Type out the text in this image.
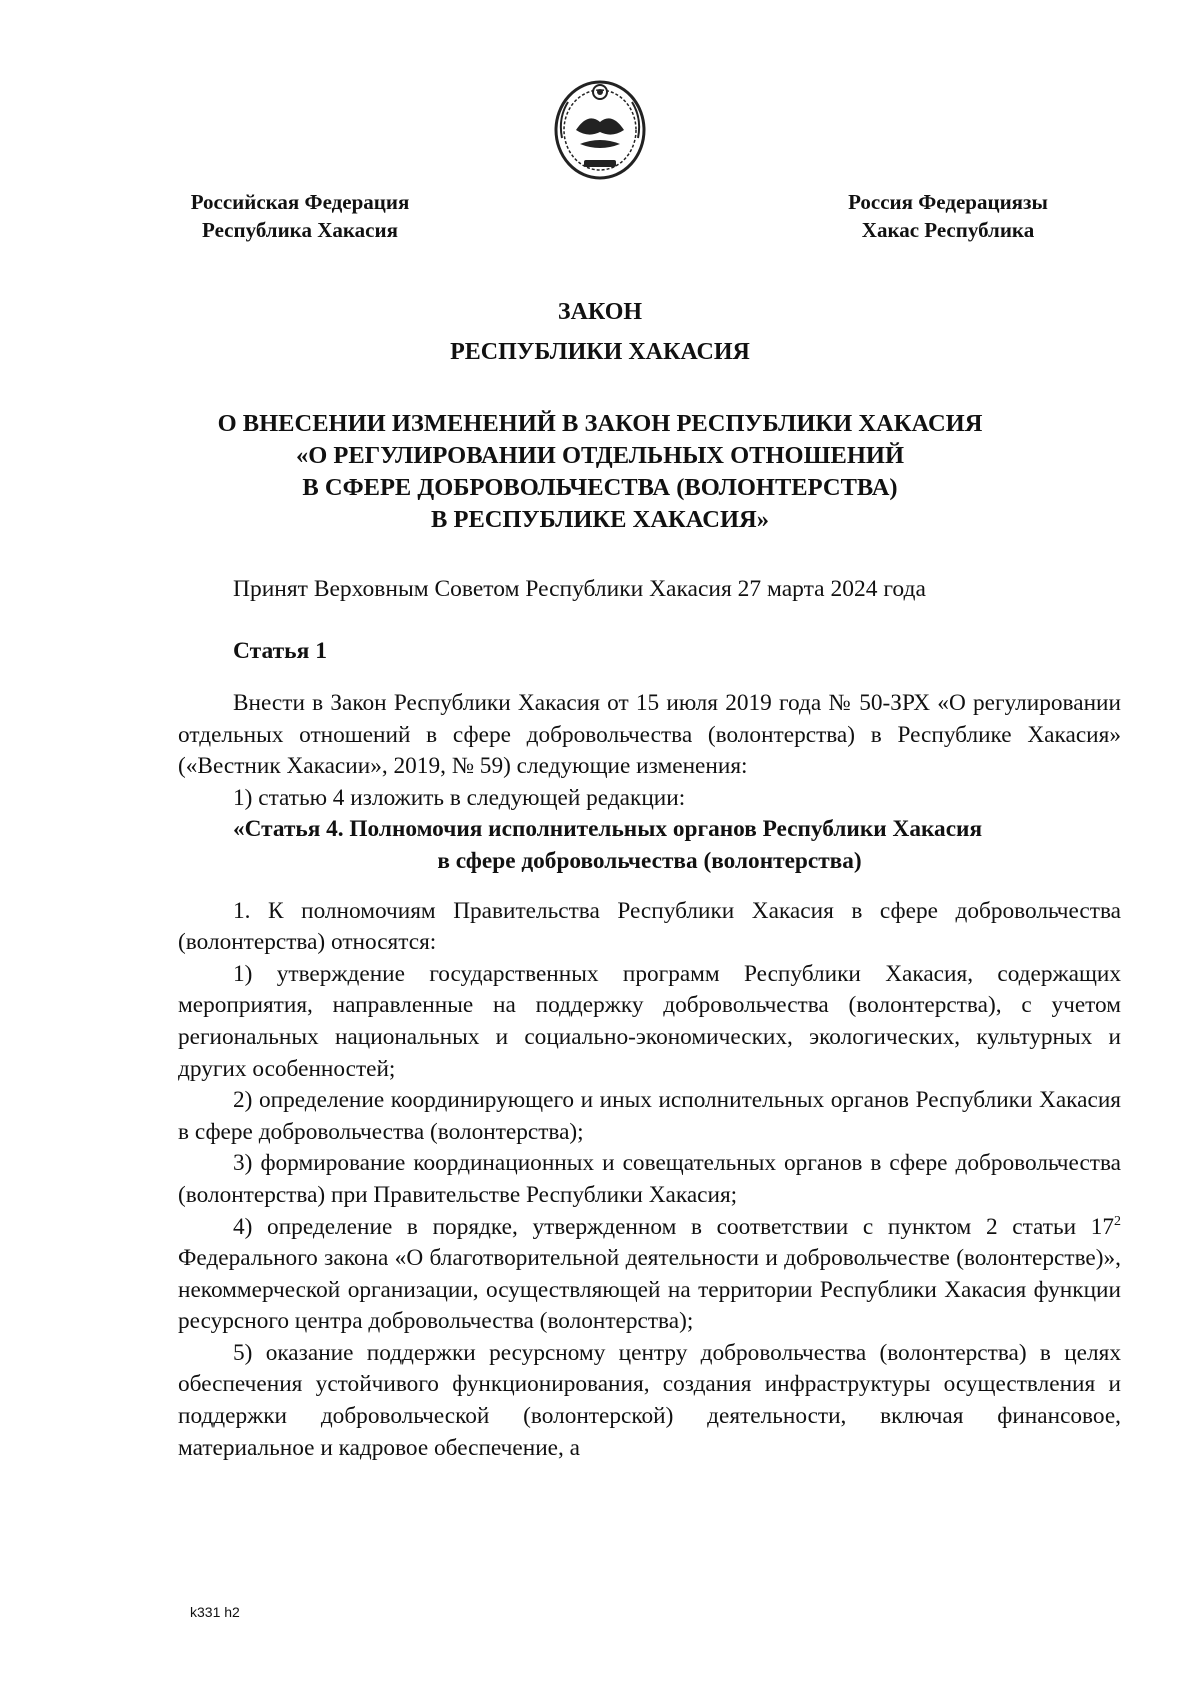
Российская Федерация
Республика Хакасия
Россия Федерациязы
Хакас Республика
ЗАКОН
РЕСПУБЛИКИ ХАКАСИЯ
О ВНЕСЕНИИ ИЗМЕНЕНИЙ В ЗАКОН РЕСПУБЛИКИ ХАКАСИЯ
«О РЕГУЛИРОВАНИИ ОТДЕЛЬНЫХ ОТНОШЕНИЙ
В СФЕРЕ ДОБРОВОЛЬЧЕСТВА (ВОЛОНТЕРСТВА)
В РЕСПУБЛИКЕ ХАКАСИЯ»
Принят Верховным Советом Республики Хакасия 27 марта 2024 года
Статья 1

Внести в Закон Республики Хакасия от 15 июля 2019 года № 50-ЗРХ «О регулировании отдельных отношений в сфере добровольчества (волонтерства) в Республике Хакасия» («Вестник Хакасии», 2019, № 59) следующие изменения:

1) статью 4 изложить в следующей редакции:

«Статья 4. Полномочия исполнительных органов Республики Хакасия
в сфере добровольчества (волонтерства)

1. К полномочиям Правительства Республики Хакасия в сфере добровольчества (волонтерства) относятся:

1) утверждение государственных программ Республики Хакасия, содержащих мероприятия, направленные на поддержку добровольчества (волонтерства), с учетом региональных национальных и социально-экономических, экологических, культурных и других особенностей;

2) определение координирующего и иных исполнительных органов Республики Хакасия в сфере добровольчества (волонтерства);

3) формирование координационных и совещательных органов в сфере добровольчества (волонтерства) при Правительстве Республики Хакасия;

4) определение в порядке, утвержденном в соответствии с пунктом 2 статьи $17^2$ Федерального закона «О благотворительной деятельности и добровольчестве (волонтерстве)», некоммерческой организации, осуществляющей на территории Республики Хакасия функции ресурсного центра добровольчества (волонтерства);

5) оказание поддержки ресурсному центру добровольчества (волонтерства) в целях обеспечения устойчивого функционирования, создания инфраструктуры осуществления и поддержки добровольческой (волонтерской) деятельности, включая финансовое, материальное и кадровое обеспечение, а

k331 h2
